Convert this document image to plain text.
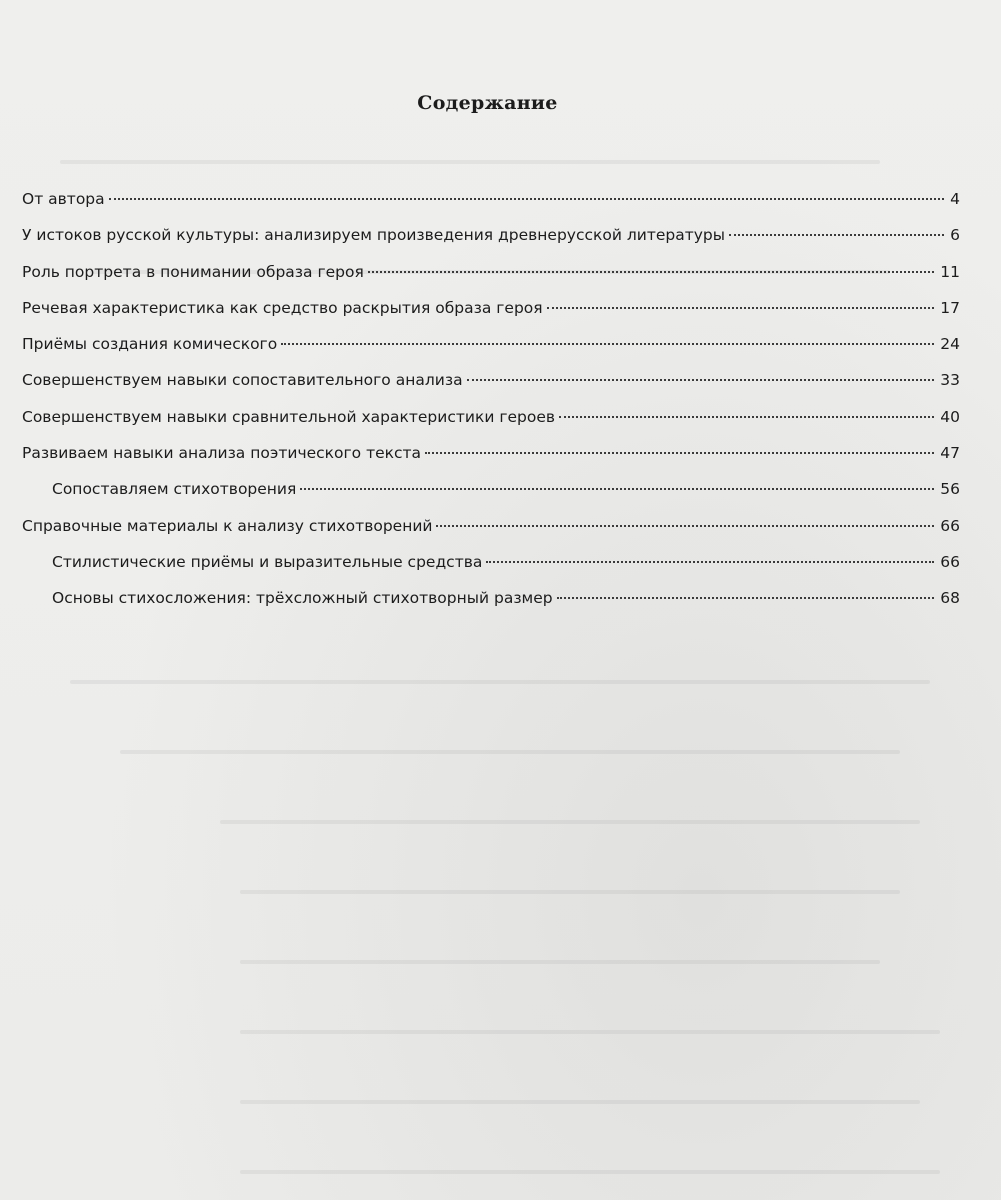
Содержание
От автора	4
У истоков русской культуры: анализируем произведения древнерусской литературы	6
Роль портрета в понимании образа героя	11
Речевая характеристика как средство раскрытия образа героя	17
Приёмы создания комического	24
Совершенствуем навыки сопоставительного анализа	33
Совершенствуем навыки сравнительной характеристики героев	40
Развиваем навыки анализа поэтического текста	47
Сопоставляем стихотворения	56
Справочные материалы к анализу стихотворений	66
Стилистические приёмы и выразительные средства	66
Основы стихосложения: трёхсложный стихотворный размер	68
